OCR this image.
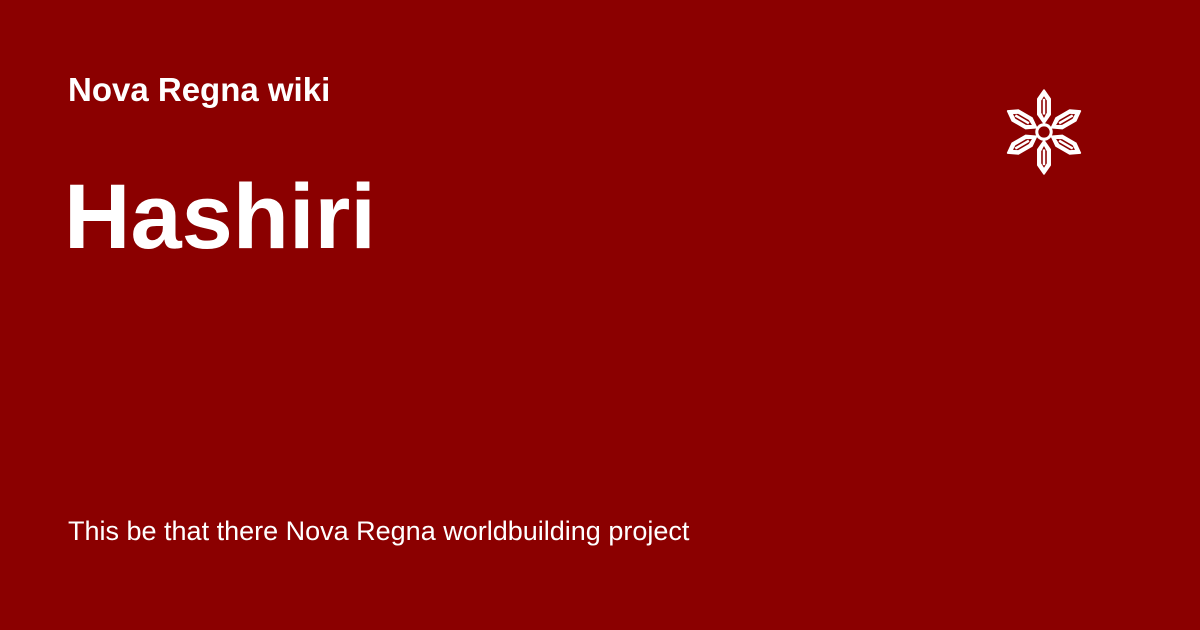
Nova Regna wiki
Hashiri

This be that there Nova Regna worldbuilding project
